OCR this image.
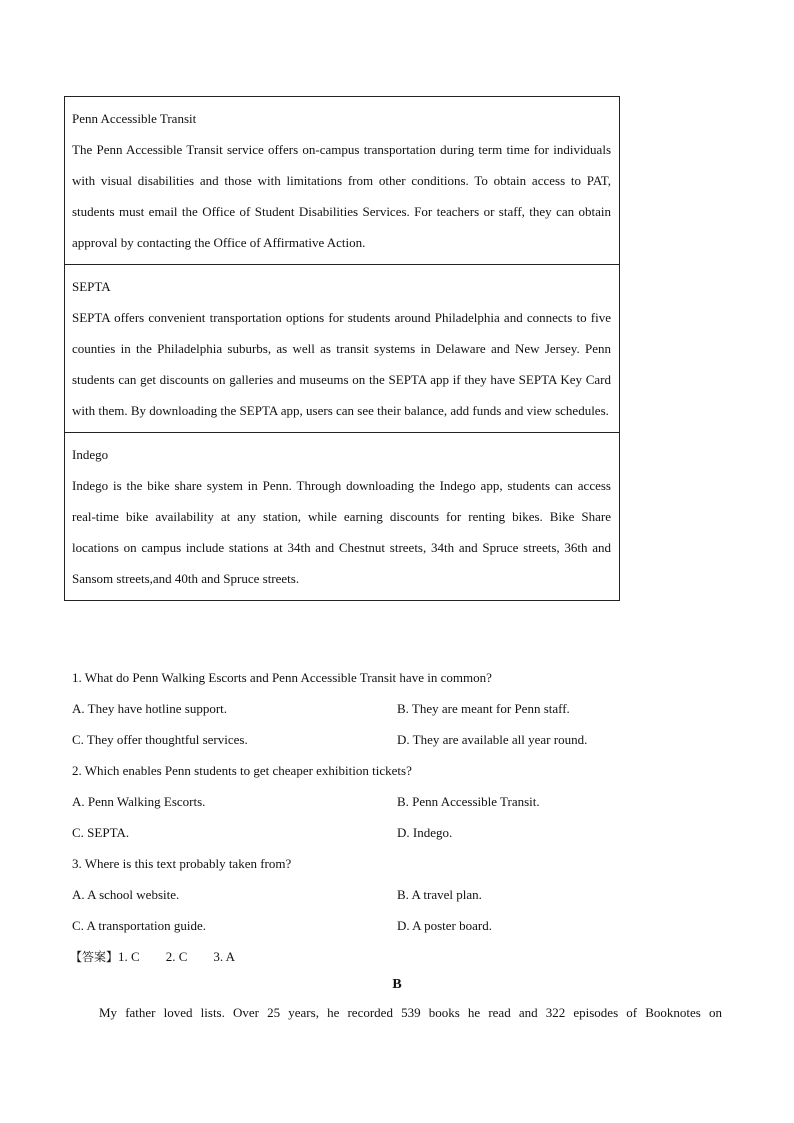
Penn Accessible Transit
The Penn Accessible Transit service offers on-campus transportation during term time for individuals with visual disabilities and those with limitations from other conditions. To obtain access to PAT, students must email the Office of Student Disabilities Services. For teachers or staff, they can obtain approval by contacting the Office of Affirmative Action.
SEPTA
SEPTA offers convenient transportation options for students around Philadelphia and connects to five counties in the Philadelphia suburbs, as well as transit systems in Delaware and New Jersey. Penn students can get discounts on galleries and museums on the SEPTA app if they have SEPTA Key Card with them. By downloading the SEPTA app, users can see their balance, add funds and view schedules.
Indego
Indego is the bike share system in Penn. Through downloading the Indego app, students can access real-time bike availability at any station, while earning discounts for renting bikes. Bike Share locations on campus include stations at 34th and Chestnut streets, 34th and Spruce streets, 36th and Sansom streets,and 40th and Spruce streets.
1. What do Penn Walking Escorts and Penn Accessible Transit have in common?
A. They have hotline support.	B. They are meant for Penn staff.
C. They offer thoughtful services.	D. They are available all year round.
2. Which enables Penn students to get cheaper exhibition tickets?
A. Penn Walking Escorts.	B. Penn Accessible Transit.
C. SEPTA.	D. Indego.
3. Where is this text probably taken from?
A. A school website.	B. A travel plan.
C. A transportation guide.	D. A poster board.
【答案】1. C 2. C 3. A
B
My father loved lists. Over 25 years, he recorded 539 books he read and 322 episodes of Booknotes on
